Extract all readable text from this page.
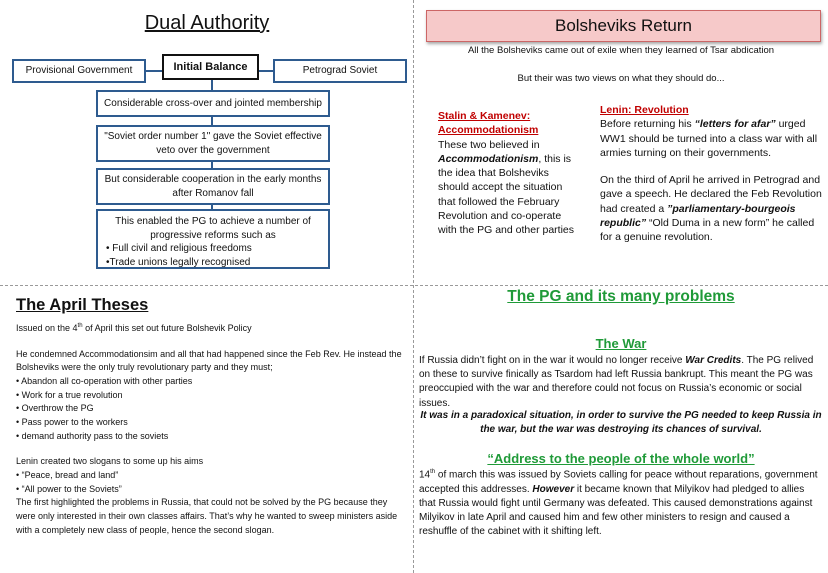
Dual Authority
Provisional Government	Initial Balance	Petrograd Soviet
Considerable cross-over and jointed membership
"Soviet order number 1" gave the Soviet effective
veto over the government
But considerable cooperation in the early months
after Romanov fall
This enabled the PG to achieve a number of
progressive reforms such as
• Full civil and religious freedoms
•Trade unions legally recognised
Bolsheviks Return
All the Bolsheviks came out of exile when they learned of Tsar abdication
But their was two views on what they should do...
Stalin & Kamenev:
Accommodationism
These two believed in
Accommodationism, this is the idea that Bolsheviks should accept the situation that followed the February Revolution and co-operate with the PG and other parties
Lenin: Revolution

Before returning his “letters for afar” urged WW1 should be turned into a class war with all armies turning on their governments.

On the third of April he arrived in Petrograd and gave a speech. He declared the Feb Revolution had created a ”parliamentary-bourgeois republic” “Old Duma in a new form” he called for a genuine revolution.

The April Theses

Issued on the 4th of April this set out future Bolshevik Policy

He condemned Accommodationsim and all that had happened since the Feb Rev. He instead the Bolsheviks were the only truly revolutionary party and they must;

• Abandon all co-operation with other parties

• Work for a true revolution

• Overthrow the PG

• Pass power to the workers

• demand authority pass to the soviets

Lenin created two slogans to some up his aims

• “Peace, bread and land”

• “All power to the Soviets”

The first highlighted the problems in Russia, that could not be solved by the PG because they were only interested in their own classes affairs. That’s why he wanted to sweep ministers aside with a completely new class of people, hence the second slogan.

The PG and its many problems
The War
If Russia didn’t fight on in the war it would no longer receive War Credits. The PG relived on these to survive finically as Tsardom had left Russia bankrupt. This meant the PG was preoccupied with the war and therefore could not focus on Russia’s economic or social issues.
It was in a paradoxical situation, in order to survive the PG needed to keep Russia in the war, but the war was destroying its chances of survival.
“Address to the people of the whole world”
14th of march this was issued by Soviets calling for peace without reparations, government accepted this addresses. However it became known that Milyikov had pledged to allies that Russia would fight until Germany was defeated. This caused demonstrations against Milyikov in late April and caused him and few other ministers to resign and caused a reshuffle of the cabinet with it shifting left.
